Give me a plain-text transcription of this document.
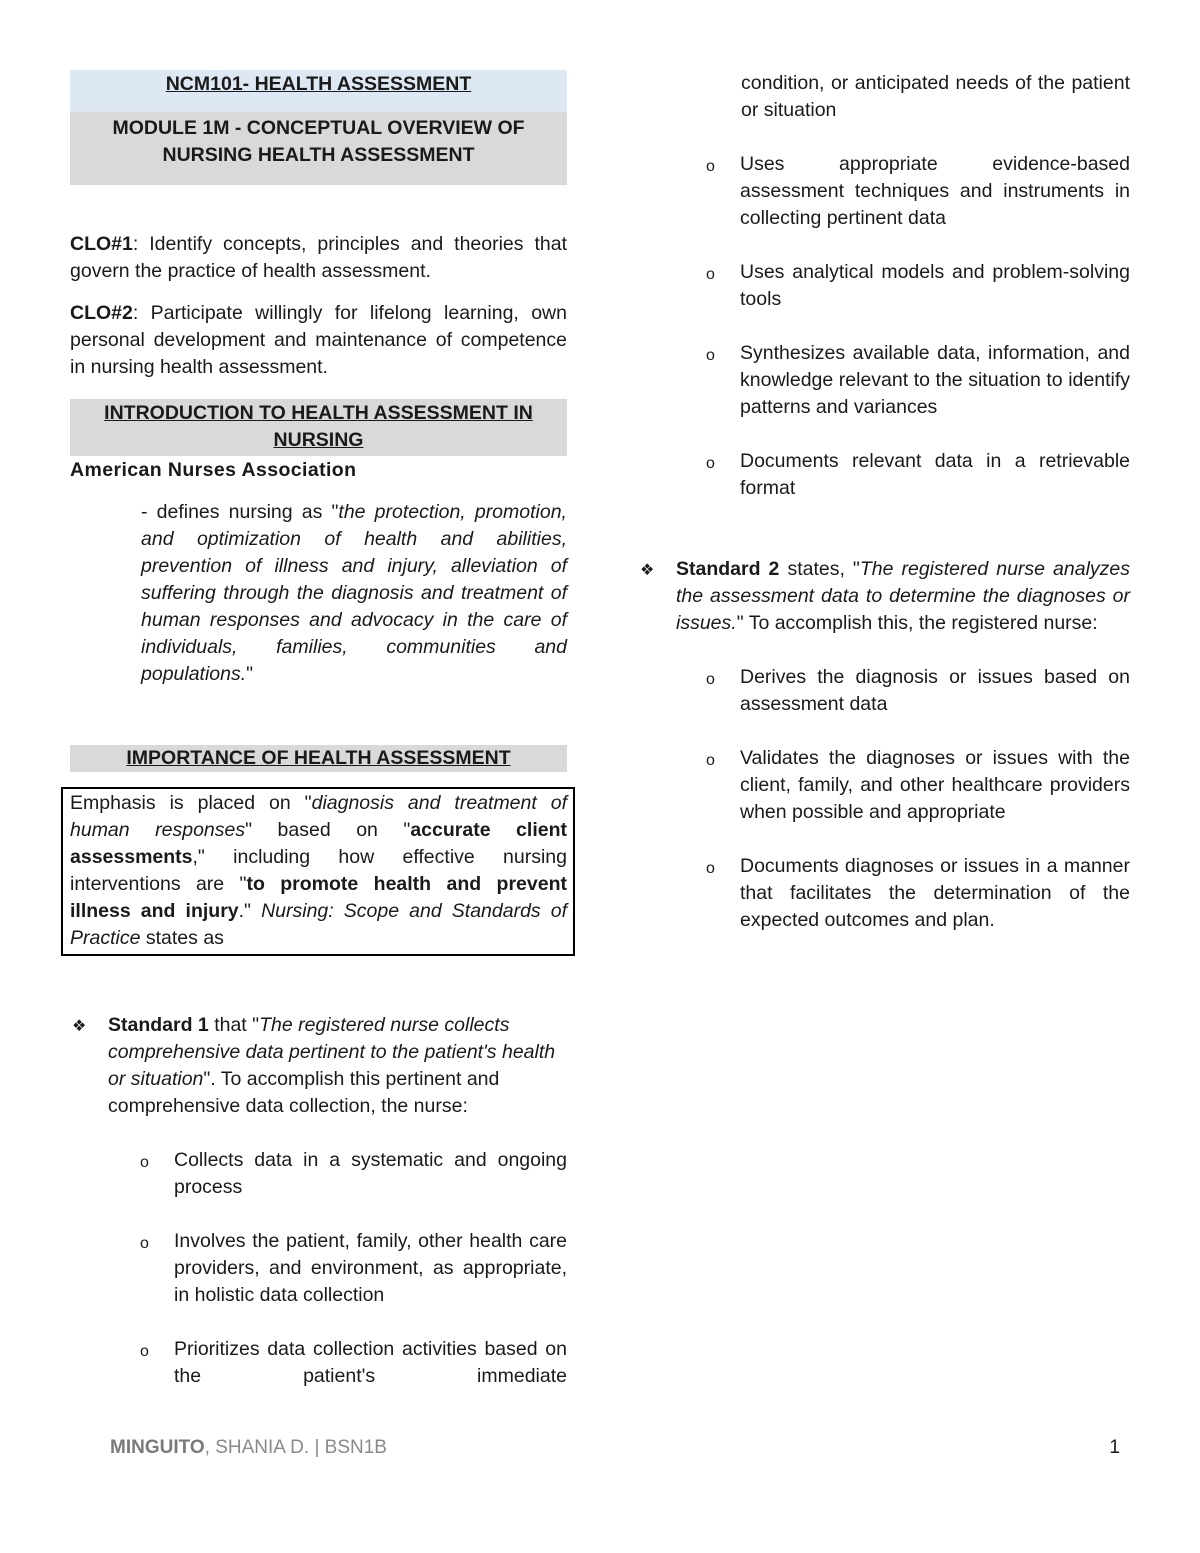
NCM101- HEALTH ASSESSMENT
MODULE 1M - CONCEPTUAL OVERVIEW OF
NURSING HEALTH ASSESSMENT

CLO#1: Identify concepts, principles and theories that govern the practice of health assessment.

CLO#2: Participate willingly for lifelong learning, own personal development and maintenance of competence in nursing health assessment.

INTRODUCTION TO HEALTH ASSESSMENT IN
NURSING

American Nurses Association

- defines nursing as "the protection, promotion, and optimization of health and abilities, prevention of illness and injury, alleviation of suffering through the diagnosis and treatment of human responses and advocacy in the care of individuals, families, communities and populations."

IMPORTANCE OF HEALTH ASSESSMENT
Emphasis is placed on "diagnosis and treatment of human responses" based on "accurate client assessments," including how effective nursing interventions are "to promote health and prevent illness and injury." Nursing: Scope and Standards of Practice states as
❖	Standard 1 that "The registered nurse collects comprehensive data pertinent to the patient's health or situation". To accomplish this pertinent and comprehensive data collection, the nurse:
o	Collects data in a systematic and ongoing process
o	Involves the patient, family, other health care providers, and environment, as appropriate, in holistic data collection
o	Prioritizes data collection activities based on the patient's immediate

condition, or anticipated needs of the patient or situation

o	Uses appropriate evidence-based assessment techniques and instruments in collecting pertinent data
o	Uses analytical models and problem-solving tools
o	Synthesizes available data, information, and knowledge relevant to the situation to identify patterns and variances
o	Documents relevant data in a retrievable format
❖	Standard 2 states, "The registered nurse analyzes the assessment data to determine the diagnoses or issues." To accomplish this, the registered nurse:
o	Derives the diagnosis or issues based on assessment data
o	Validates the diagnoses or issues with the client, family, and other healthcare providers when possible and appropriate
o	Documents diagnoses or issues in a manner that facilitates the determination of the expected outcomes and plan.
MINGUITO, SHANIA D. | BSN1B	1
